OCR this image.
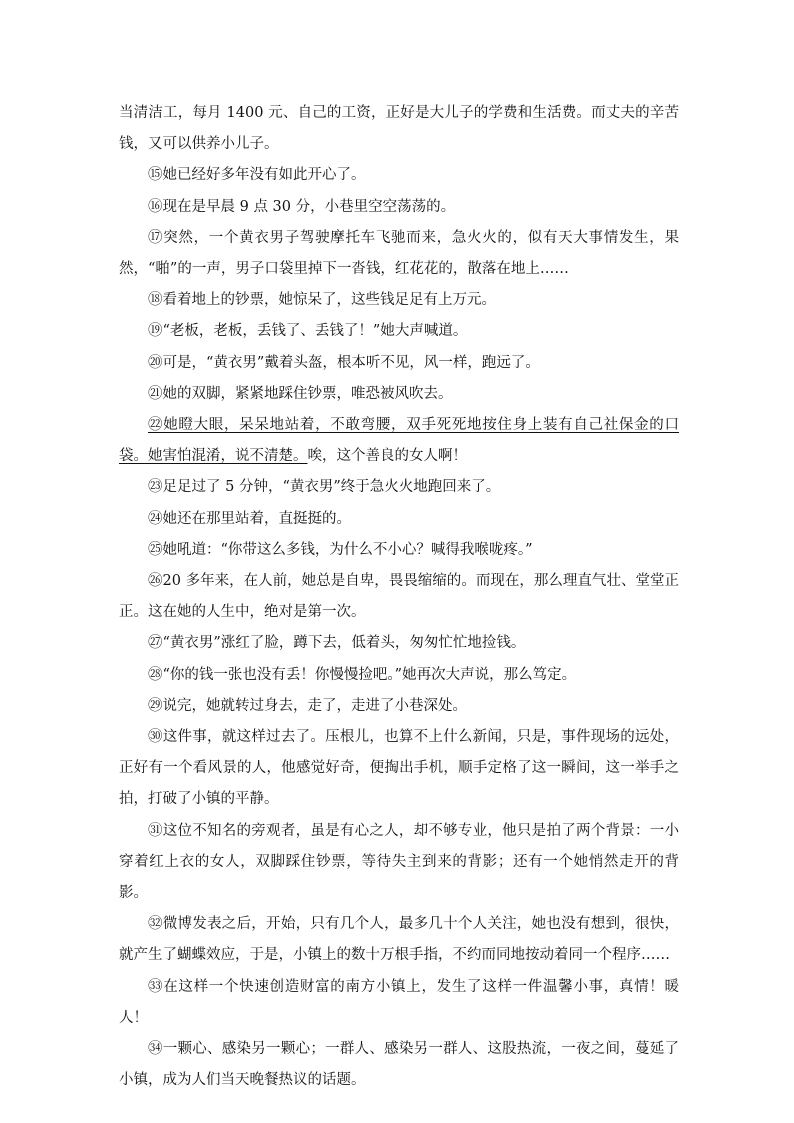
当清洁工，每月 1400 元、自己的工资，正好是大儿子的学费和生活费。而丈夫的辛苦钱，又可以供养小儿子。

⑮她已经好多年没有如此开心了。

⑯现在是早晨 9 点 30 分，小巷里空空荡荡的。

⑰突然，一个黄衣男子驾驶摩托车飞驰而来，急火火的，似有天大事情发生，果然，“啪”的一声，男子口袋里掉下一沓钱，红花花的，散落在地上……

⑱看着地上的钞票，她惊呆了，这些钱足足有上万元。

⑲“老板，老板，丢钱了、丢钱了！”她大声喊道。

⑳可是，“黄衣男”戴着头盔，根本听不见，风一样，跑远了。

㉑她的双脚，紧紧地踩住钞票，唯恐被风吹去。

㉒她瞪大眼，呆呆地站着，不敢弯腰，双手死死地按住身上装有自己社保金的口袋。她害怕混淆，说不清楚。唉，这个善良的女人啊！

㉓足足过了 5 分钟，“黄衣男”终于急火火地跑回来了。

㉔她还在那里站着，直挺挺的。

㉕她吼道：“你带这么多钱，为什么不小心？喊得我喉咙疼。”

㉖20 多年来，在人前，她总是自卑，畏畏缩缩的。而现在，那么理直气壮、堂堂正正。这在她的人生中，绝对是第一次。

㉗“黄衣男”涨红了脸，蹲下去，低着头，匆匆忙忙地捡钱。

㉘“你的钱一张也没有丢！你慢慢捡吧。”她再次大声说，那么笃定。

㉙说完，她就转过身去，走了，走进了小巷深处。

㉚这件事，就这样过去了。压根儿，也算不上什么新闻，只是，事件现场的远处，正好有一个看风景的人，他感觉好奇，便掏出手机，顺手定格了这一瞬间，这一举手之拍，打破了小镇的平静。

㉛这位不知名的旁观者，虽是有心之人，却不够专业，他只是拍了两个背景：一小穿着红上衣的女人，双脚踩住钞票，等待失主到来的背影；还有一个她悄然走开的背影。

㉜微博发表之后，开始，只有几个人，最多几十个人关注，她也没有想到，很快，就产生了蝴蝶效应，于是，小镇上的数十万根手指，不约而同地按动着同一个程序……

㉝在这样一个快速创造财富的南方小镇上，发生了这样一件温馨小事，真情！暖人！

㉞一颗心、感染另一颗心；一群人、感染另一群人、这股热流，一夜之间，蔓延了小镇，成为人们当天晚餐热议的话题。
